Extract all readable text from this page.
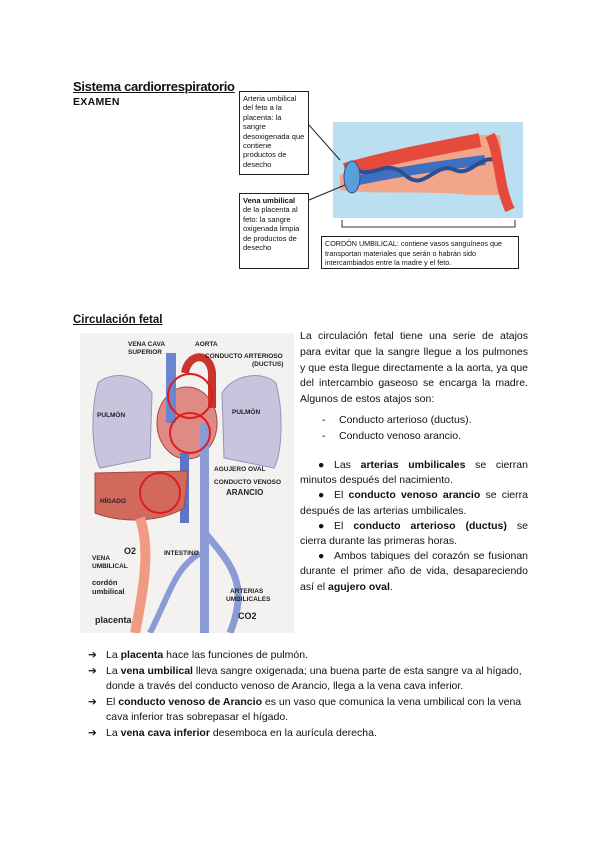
Sistema cardiorrespiratorio
EXAMEN	Arteria umbilical del feto a la placenta: la sangre desoxigenada que contiene productos de desecho
Vena umbilical de la placenta al feto: la sangre oxigenada limpia de productos de desecho	CORDÓN UMBILICAL: contiene vasos sanguíneos que transportan materiales que serán o habrán sido intercambiados entre la madre y el feto.
Circulación fetal
VENA CAVA
SUPERIOR
AORTA
CONDUCTO ARTERIOSO
(DUCTUS)
PULMÓN	PULMÓN
AGUJERO OVAL
CONDUCTO VENOSO
ARANCIO
HÍGADO
O2
VENA
UMBILICAL
INTESTINO
cordón
umbilical	ARTERIAS
UMBILICALES
placenta	CO2
La circulación fetal tiene una serie de atajos para evitar que la sangre llegue a los pulmones y que esta llegue directamente a la aorta, ya que del intercambio gaseoso se encarga la madre. Algunos de estos atajos son:
- Conducto arterioso (ductus).
- Conducto venoso arancio.

● Las arterias umbilicales se cierran minutos después del nacimiento.

● El conducto venoso arancio se cierra después de las arterias umbilicales.

● El conducto arterioso (ductus) se cierra durante las primeras horas.

● Ambos tabiques del corazón se fusionan durante el primer año de vida, desapareciendo así el agujero oval.

➔ La placenta hace las funciones de pulmón.
➔ La vena umbilical lleva sangre oxigenada; una buena parte de esta sangre va al hígado, donde a través del conducto venoso de Arancio, llega a la vena cava inferior.
➔ El conducto venoso de Arancio es un vaso que comunica la vena umbilical con la vena cava inferior tras sobrepasar el hígado.
➔ La vena cava inferior desemboca en la aurícula derecha.
